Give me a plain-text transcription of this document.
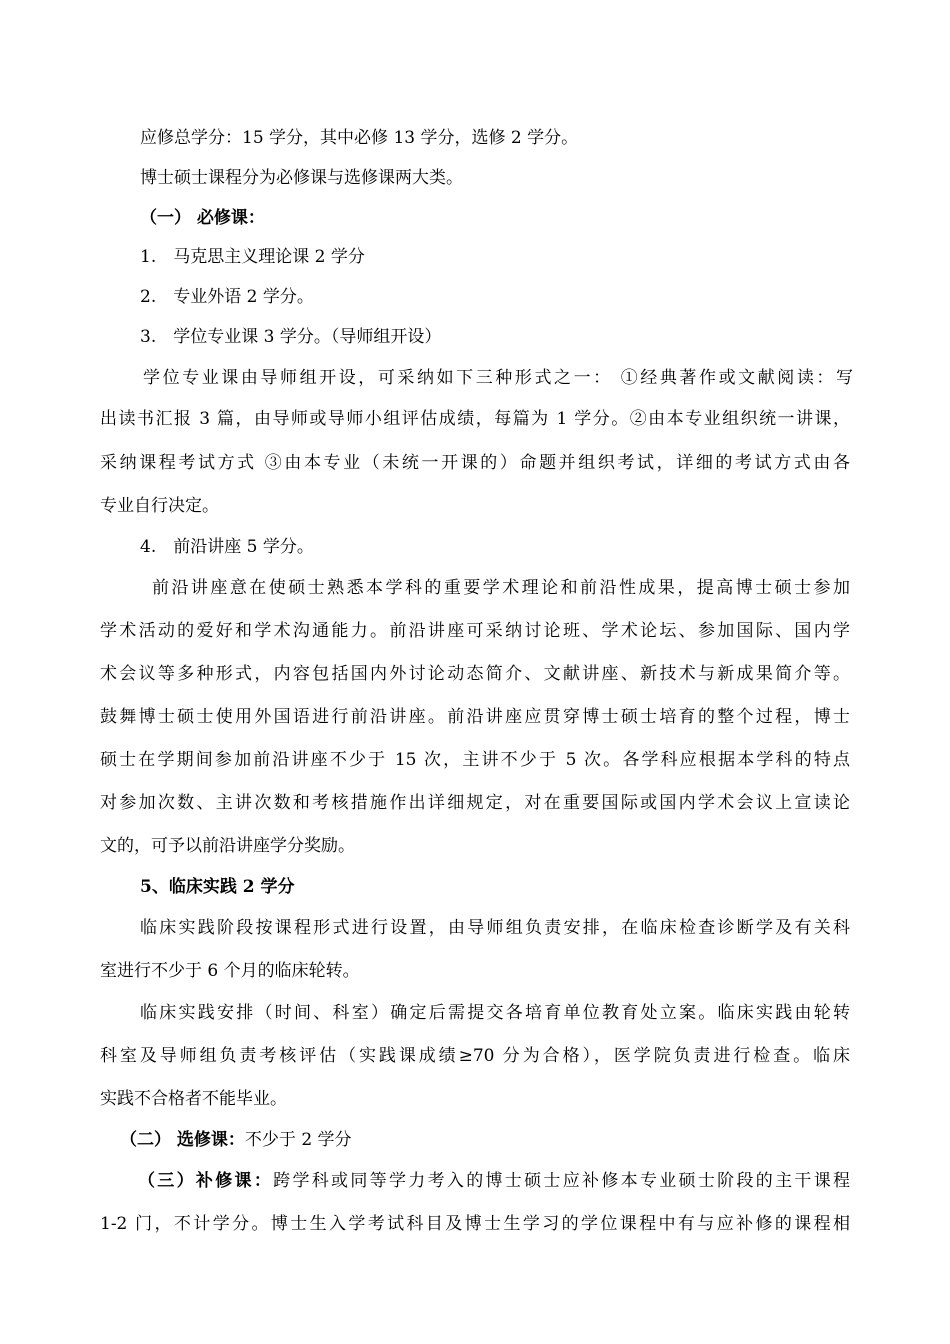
应修总学分：15 学分，其中必修 13 学分，选修 2 学分。
博士硕士课程分为必修课与选修课两大类。
（一） 必修课：
1.　马克思主义理论课 2 学分
2.　专业外语 2 学分。
3.　学位专业课 3 学分。（导师组开设）
学位专业课由导师组开设，可采纳如下三种形式之一： ①经典著作或文献阅读：写
出读书汇报 3 篇，由导师或导师小组评估成绩，每篇为 1 学分。②由本专业组织统一讲课，
采纳课程考试方式 ③由本专业（未统一开课的）命题并组织考试，详细的考试方式由各
专业自行决定。
4.　前沿讲座 5 学分。
前沿讲座意在使硕士熟悉本学科的重要学术理论和前沿性成果，提高博士硕士参加
学术活动的爱好和学术沟通能力。前沿讲座可采纳讨论班、学术论坛、参加国际、国内学
术会议等多种形式，内容包括国内外讨论动态简介、文献讲座、新技术与新成果简介等。
鼓舞博士硕士使用外国语进行前沿讲座。前沿讲座应贯穿博士硕士培育的整个过程，博士
硕士在学期间参加前沿讲座不少于 15 次，主讲不少于 5 次。各学科应根据本学科的特点
对参加次数、主讲次数和考核措施作出详细规定，对在重要国际或国内学术会议上宣读论
文的，可予以前沿讲座学分奖励。
5、临床实践 2 学分
临床实践阶段按课程形式进行设置，由导师组负责安排，在临床检查诊断学及有关科
室进行不少于 6 个月的临床轮转。
临床实践安排（时间、科室）确定后需提交各培育单位教育处立案。临床实践由轮转
科室及导师组负责考核评估（实践课成绩≥70 分为合格），医学院负责进行检查。临床
实践不合格者不能毕业。
（二） 选修课：不少于 2 学分
（三）补修课：跨学科或同等学力考入的博士硕士应补修本专业硕士阶段的主干课程
1-2 门，不计学分。博士生入学考试科目及博士生学习的学位课程中有与应补修的课程相
